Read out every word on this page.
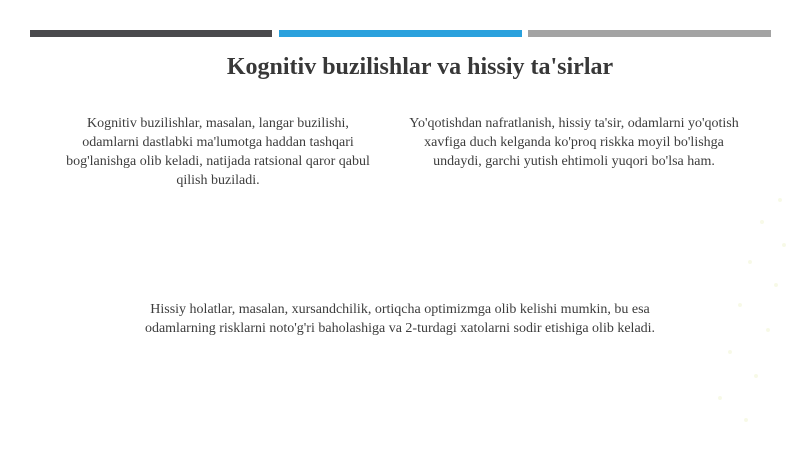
Kognitiv buzilishlar va hissiy ta'sirlar

Kognitiv buzilishlar, masalan, langar buzilishi, odamlarni dastlabki ma'lumotga haddan tashqari bog'lanishga olib keladi, natijada ratsional qaror qabul qilish buziladi.

Yo'qotishdan nafratlanish, hissiy ta'sir, odamlarni yo'qotish xavfiga duch kelganda ko'proq riskka moyil bo'lishga undaydi, garchi yutish ehtimoli yuqori bo'lsa ham.

Hissiy holatlar, masalan, xursandchilik, ortiqcha optimizmga olib kelishi mumkin, bu esa odamlarning risklarni noto'g'ri baholashiga va 2-turdagi xatolarni sodir etishiga olib keladi.
